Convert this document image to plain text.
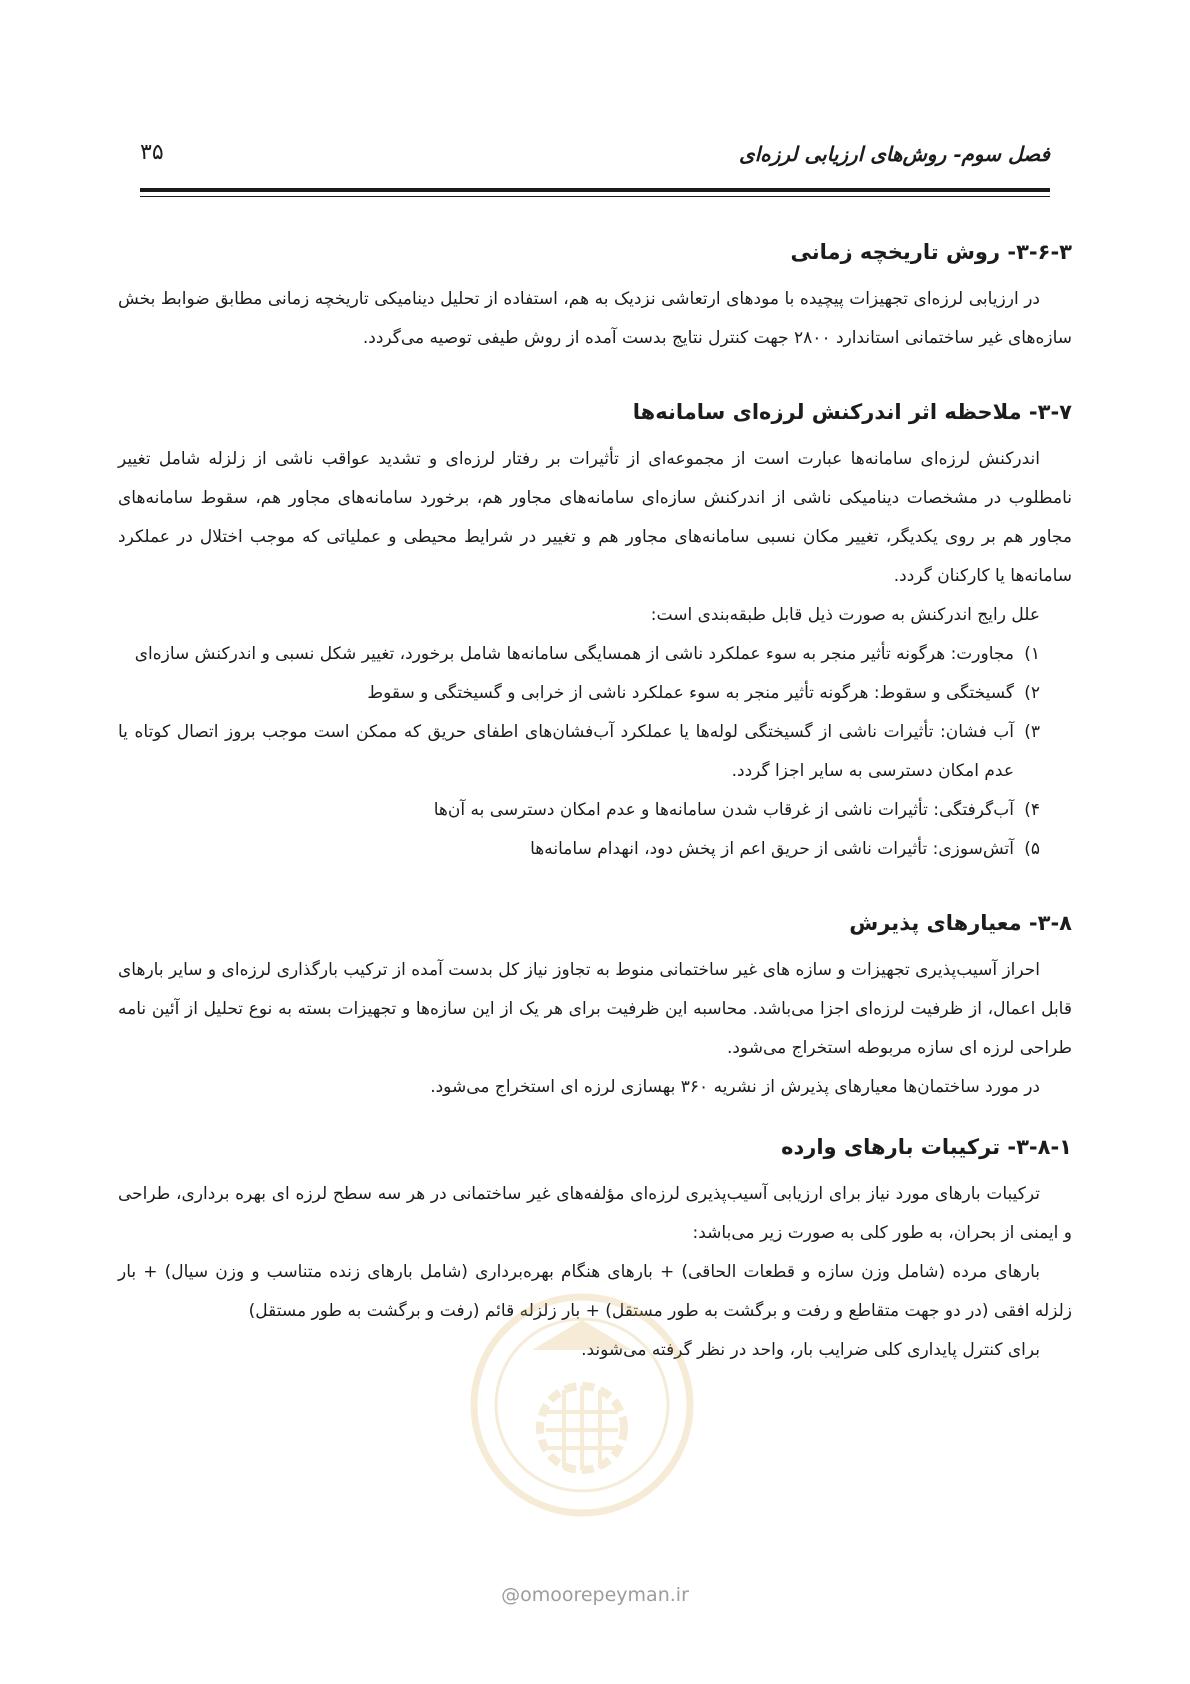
فصل سوم- روش‌های ارزیابی لرزه‌ای
۳۵
۳-۶-۳- روش تاریخچه زمانی

در ارزیابی لرزه‌ای تجهیزات پیچیده با مودهای ارتعاشی نزدیک به هم، استفاده از تحلیل دینامیکی تاریخچه زمانی مطابق ضوابط بخش سازه‌های غیر ساختمانی استاندارد ۲۸۰۰ جهت کنترل نتایج بدست آمده از روش طیفی توصیه می‌گردد.

۳-۷- ملاحظه اثر اندرکنش لرزه‌ای سامانه‌ها

اندرکنش لرزه‌ای سامانه‌ها عبارت است از مجموعه‌ای از تأثیرات بر رفتار لرزه‌ای و تشدید عواقب ناشی از زلزله شامل تغییر نامطلوب در مشخصات دینامیکی ناشی از اندرکنش سازه‌ای سامانه‌های مجاور هم، برخورد سامانه‌های مجاور هم، سقوط سامانه‌های مجاور هم بر روی یکدیگر، تغییر مکان نسبی سامانه‌های مجاور هم و تغییر در شرایط محیطی و عملیاتی که موجب اختلال در عملکرد سامانه‌ها یا کارکنان گردد.

علل رایج اندرکنش به صورت ذیل قابل طبقه‌بندی است:

۱)
مجاورت: هرگونه تأثیر منجر به سوء عملکرد ناشی از همسایگی سامانه‌ها شامل برخورد، تغییر شکل نسبی و اندرکنش سازه‌ای
۲)
گسیختگی و سقوط: هرگونه تأثیر منجر به سوء عملکرد ناشی از خرابی و گسیختگی و سقوط
۳)
آب فشان: تأثیرات ناشی از گسیختگی لوله‌ها یا عملکرد آب‌فشان‌های اطفای حریق که ممکن است موجب بروز اتصال کوتاه یا عدم امکان دسترسی به سایر اجزا گردد.
۴)
آب‌گرفتگی: تأثیرات ناشی از غرقاب شدن سامانه‌ها و عدم امکان دسترسی به آن‌ها
۵)
آتش‌سوزی: تأثیرات ناشی از حریق اعم از پخش دود، انهدام سامانه‌ها
۳-۸- معیارهای پذیرش

احراز آسیب‌پذیری تجهیزات و سازه های غیر ساختمانی منوط به تجاوز نیاز کل بدست آمده از ترکیب بارگذاری لرزه‌ای و سایر بارهای قابل اعمال، از ظرفیت لرزه‌ای اجزا می‌باشد. محاسبه این ظرفیت برای هر یک از این سازه‌ها و تجهیزات بسته به نوع تحلیل از آئین نامه طراحی لرزه ای سازه مربوطه استخراج می‌شود.

در مورد ساختمان‌ها معیارهای پذیرش از نشریه ۳۶۰ بهسازی لرزه ای استخراج می‌شود.

۳-۸-۱- ترکیبات بارهای وارده

ترکیبات بارهای مورد نیاز برای ارزیابی آسیب‌پذیری لرزه‌ای مؤلفه‌های غیر ساختمانی در هر سه سطح لرزه ای بهره برداری، طراحی و ایمنی از بحران، به طور کلی به صورت زیر می‌باشد:

بارهای مرده (شامل وزن سازه و قطعات الحاقی) + بارهای هنگام بهره‌برداری (شامل بارهای زنده متناسب و وزن سیال) + بار زلزله افقی (در دو جهت متقاطع و رفت و برگشت به طور مستقل) + بار زلزله قائم (رفت و برگشت به طور مستقل)

برای کنترل پایداری کلی ضرایب بار، واحد در نظر گرفته می‌شوند.

@omoorepeyman.ir
